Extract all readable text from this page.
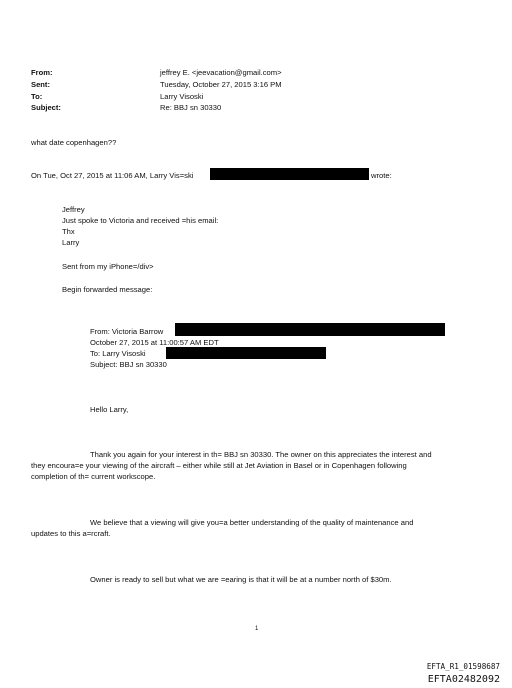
From:	jeffrey E. <jeevacation@gmail.com>
Sent:	Tuesday, October 27, 2015 3:16 PM
To:	Larry Visoski
Subject:	Re: BBJ sn 30330
what date copenhagen??
On Tue, Oct 27, 2015 at 11:06 AM, Larry Vis=ski	wrote:
Jeffrey
Just spoke to Victoria and received =his email:
Thx
Larry
Sent from my iPhone=/div>
Begin forwarded message:
From: Victoria Barrow
October 27, 2015 at 11:00:57 AM EDT
To: Larry Visoski
Subject: BBJ sn 30330
Hello Larry,
Thank you again for your interest in th= BBJ sn 30330. The owner on this appreciates the interest and
they encoura=e your viewing of the aircraft – either while still at Jet Aviation in Basel or in Copenhagen following
completion of th= current workscope.
We believe that a viewing will give you=a better understanding of the quality of maintenance and
updates to this a=rcraft.
Owner is ready to sell but what we are =earing is that it will be at a number north of $30m.
1
EFTA_R1_01598687
EFTA02482092
